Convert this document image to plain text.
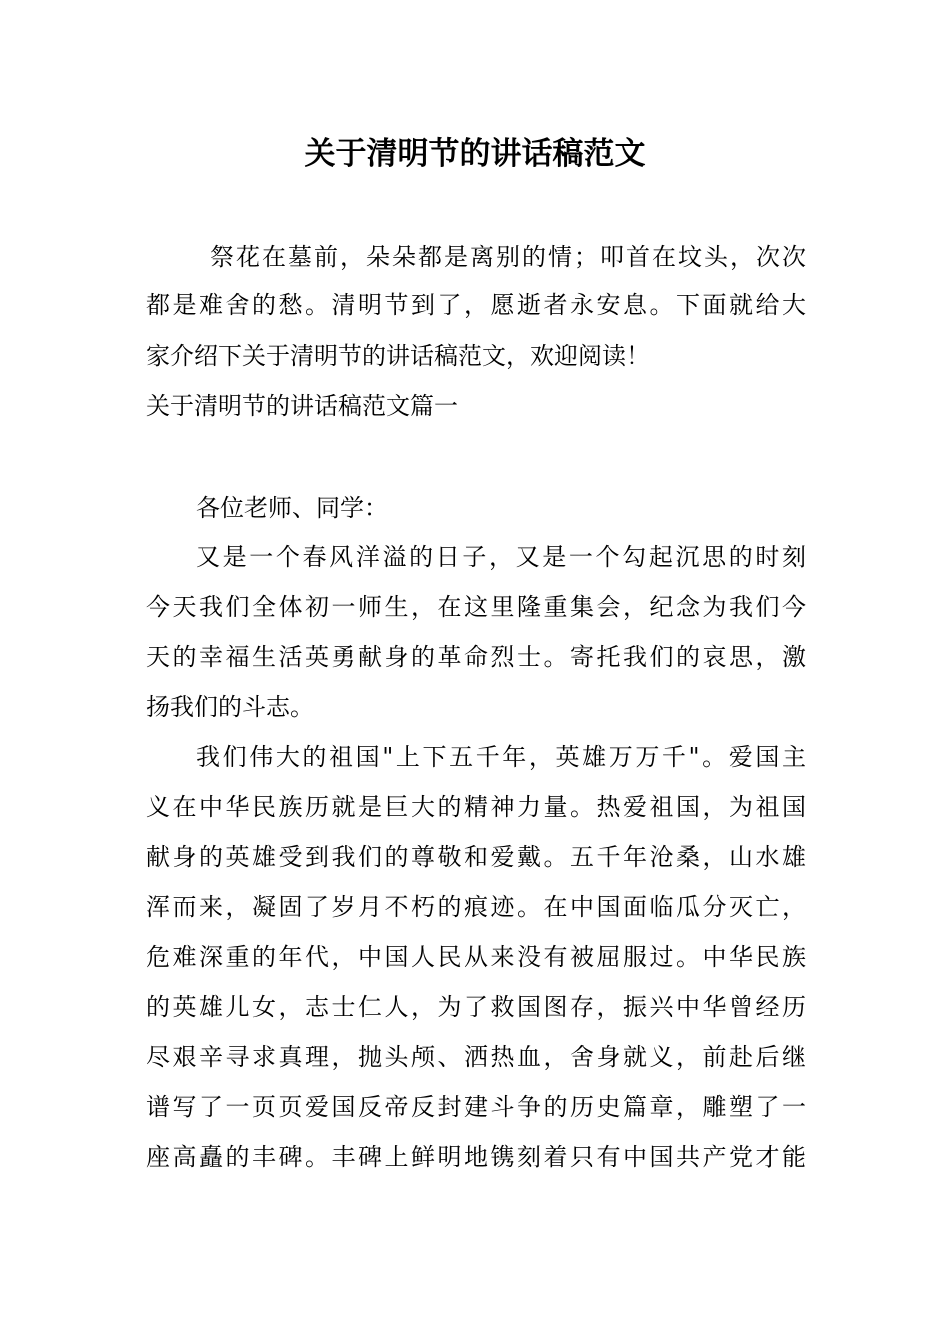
关于清明节的讲话稿范文
祭花在墓前，朵朵都是离别的情；叩首在坟头，次次
都是难舍的愁。清明节到了，愿逝者永安息。下面就给大
家介绍下关于清明节的讲话稿范文，欢迎阅读！
关于清明节的讲话稿范文篇一
各位老师、同学：
又是一个春风洋溢的日子，又是一个勾起沉思的时刻
今天我们全体初一师生，在这里隆重集会，纪念为我们今
天的幸福生活英勇献身的革命烈士。寄托我们的哀思，激
扬我们的斗志。
我们伟大的祖国"上下五千年，英雄万万千"。爱国主
义在中华民族历就是巨大的精神力量。热爱祖国，为祖国
献身的英雄受到我们的尊敬和爱戴。五千年沧桑，山水雄
浑而来，凝固了岁月不朽的痕迹。在中国面临瓜分灭亡，
危难深重的年代，中国人民从来没有被屈服过。中华民族
的英雄儿女，志士仁人，为了救国图存，振兴中华曾经历
尽艰辛寻求真理，抛头颅、洒热血，舍身就义，前赴后继
谱写了一页页爱国反帝反封建斗争的历史篇章，雕塑了一
座高矗的丰碑。丰碑上鲜明地镌刻着只有中国共产党才能
